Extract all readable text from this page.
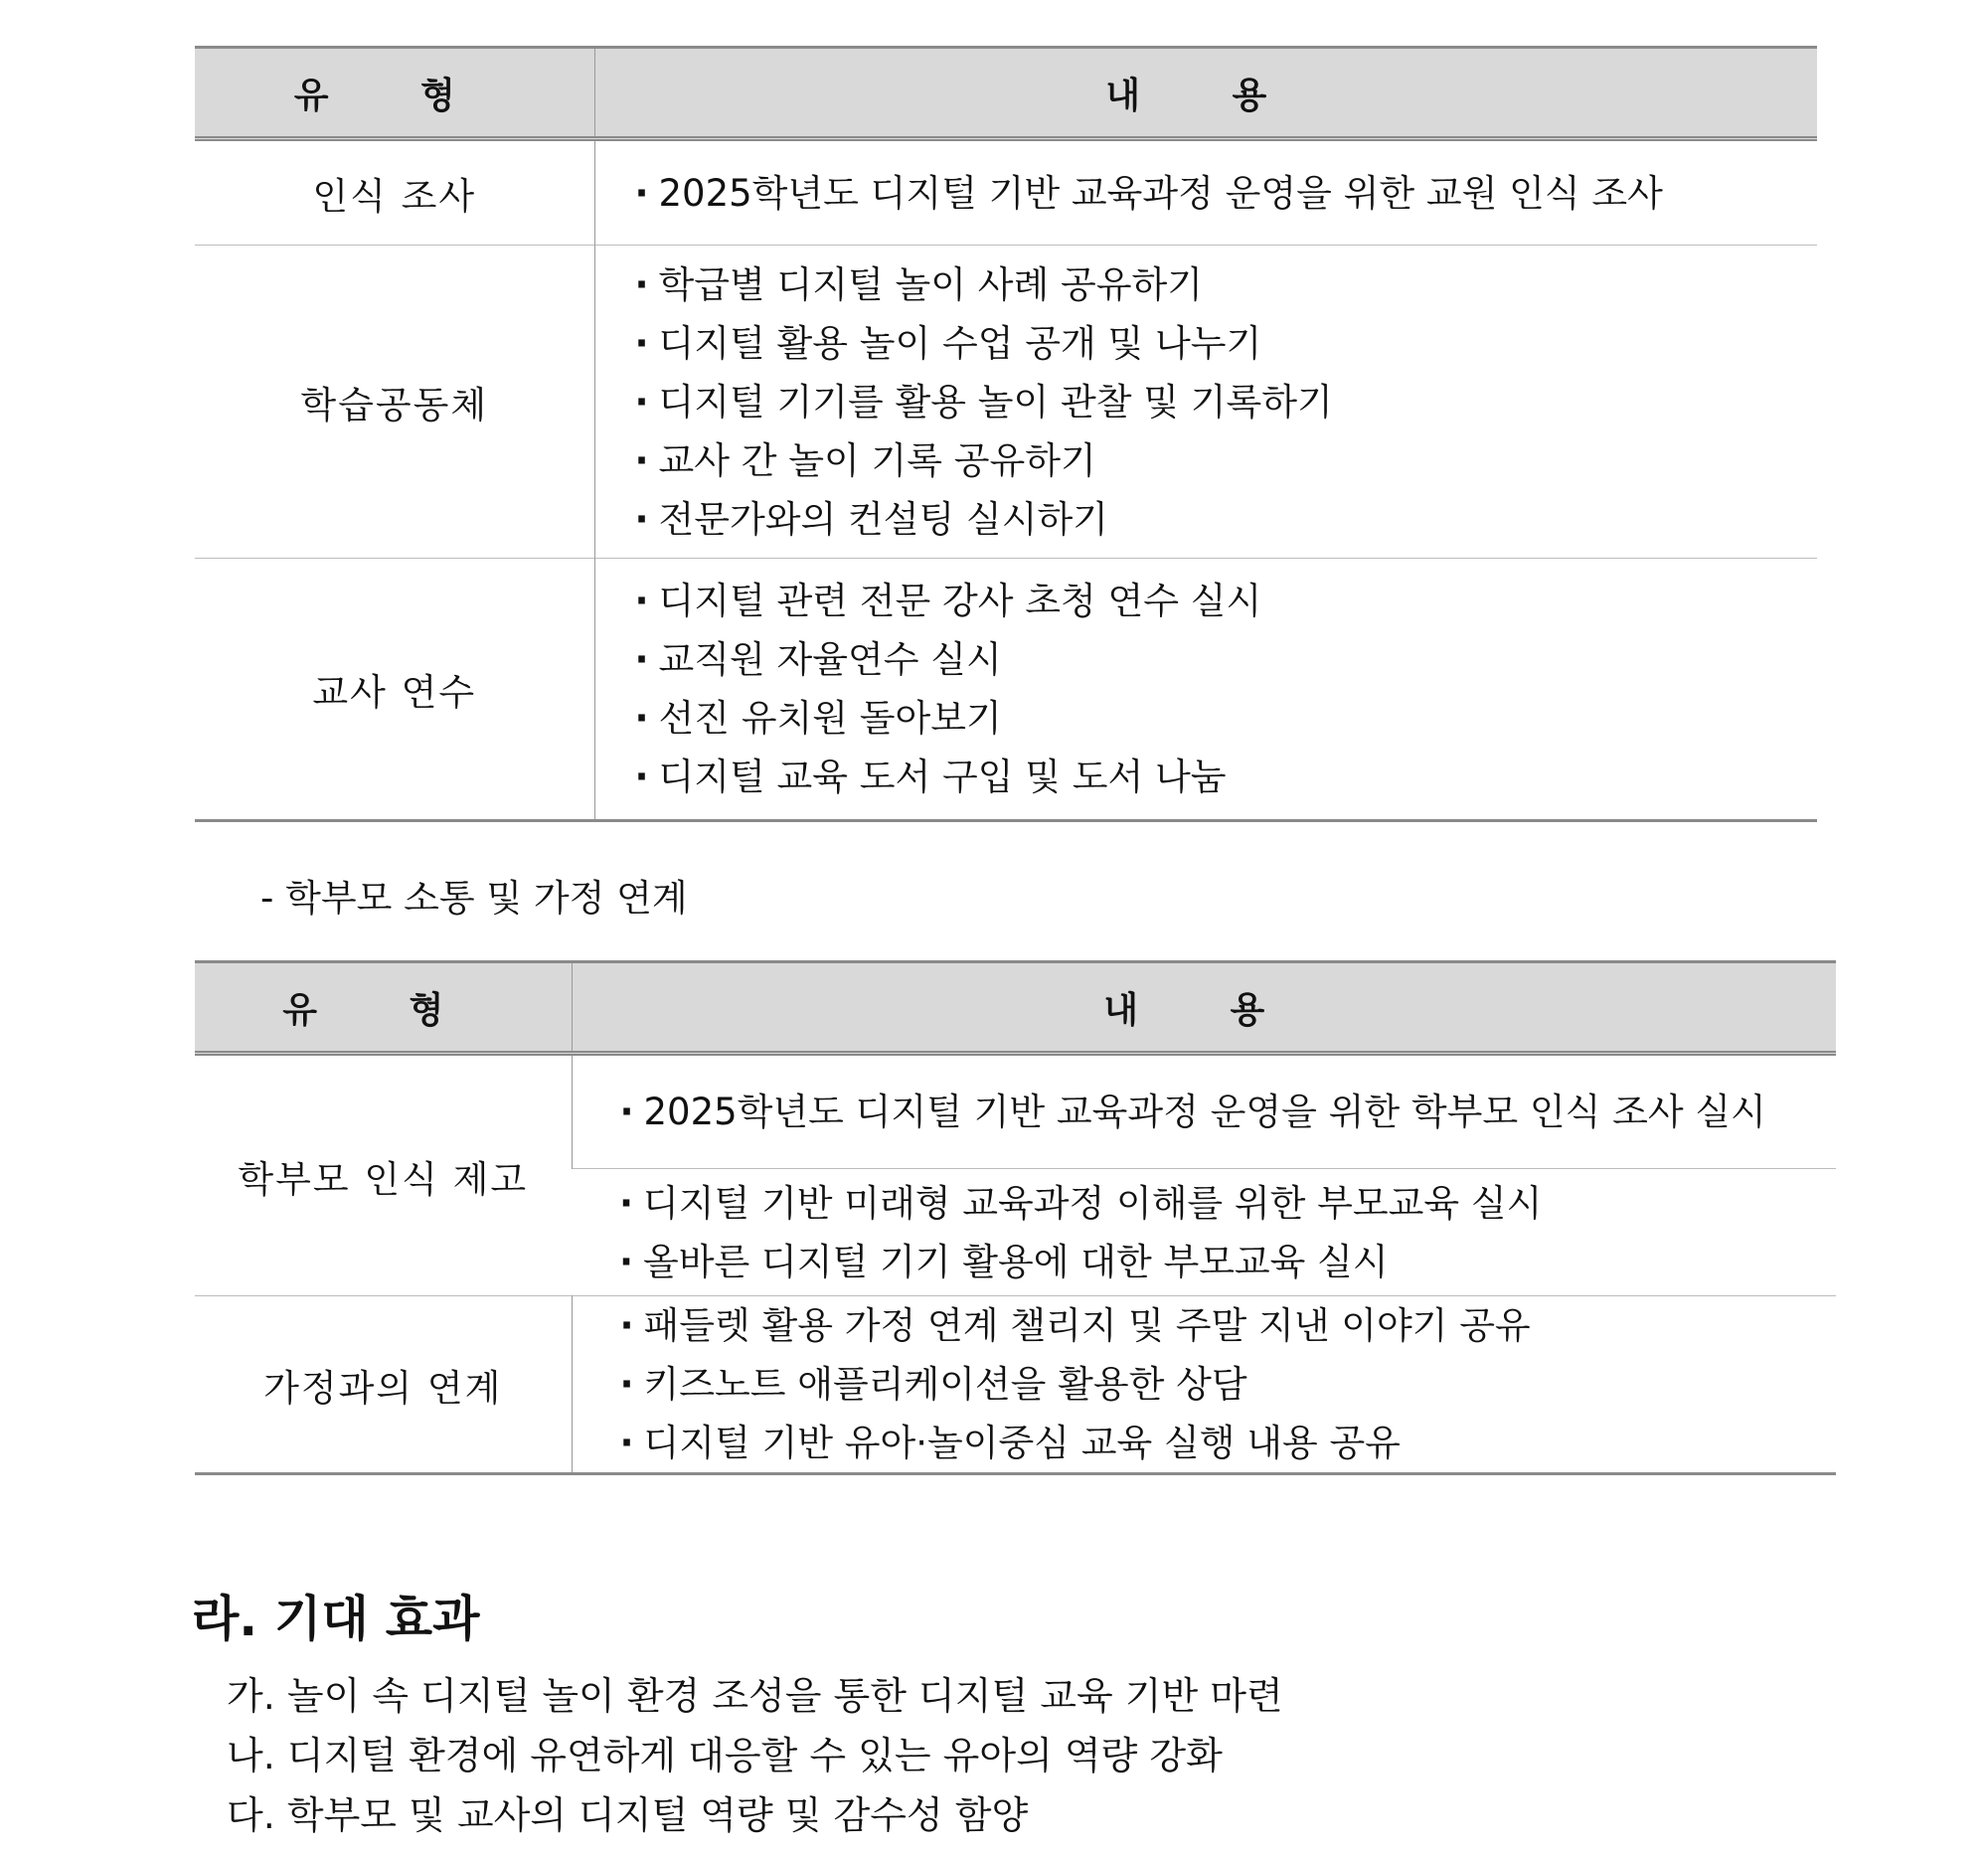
유 형	내 용
인식 조사	· 2025학년도 디지털 기반 교육과정 운영을 위한 교원 인식 조사

학습공동체	· 학급별 디지털 놀이 사례 공유하기
· 디지털 활용 놀이 수업 공개 및 나누기
· 디지털 기기를 활용 놀이 관찰 및 기록하기
· 교사 간 놀이 기록 공유하기
· 전문가와의 컨설팅 실시하기

교사 연수	· 디지털 관련 전문 강사 초청 연수 실시
· 교직원 자율연수 실시
· 선진 유치원 돌아보기
· 디지털 교육 도서 구입 및 도서 나눔
- 학부모 소통 및 가정 연계
유 형	내 용
학부모 인식 제고	· 2025학년도 디지털 기반 교육과정 운영을 위한 학부모 인식 조사 실시

	· 디지털 기반 미래형 교육과정 이해를 위한 부모교육 실시
· 올바른 디지털 기기 활용에 대한 부모교육 실시

가정과의 연계	· 패들렛 활용 가정 연계 챌리지 및 주말 지낸 이야기 공유
· 키즈노트 애플리케이션을 활용한 상담
· 디지털 기반 유아·놀이중심 교육 실행 내용 공유
라. 기대 효과
가. 놀이 속 디지털 놀이 환경 조성을 통한 디지털 교육 기반 마련
나. 디지털 환경에 유연하게 대응할 수 있는 유아의 역량 강화
다. 학부모 및 교사의 디지털 역량 및 감수성 함양
